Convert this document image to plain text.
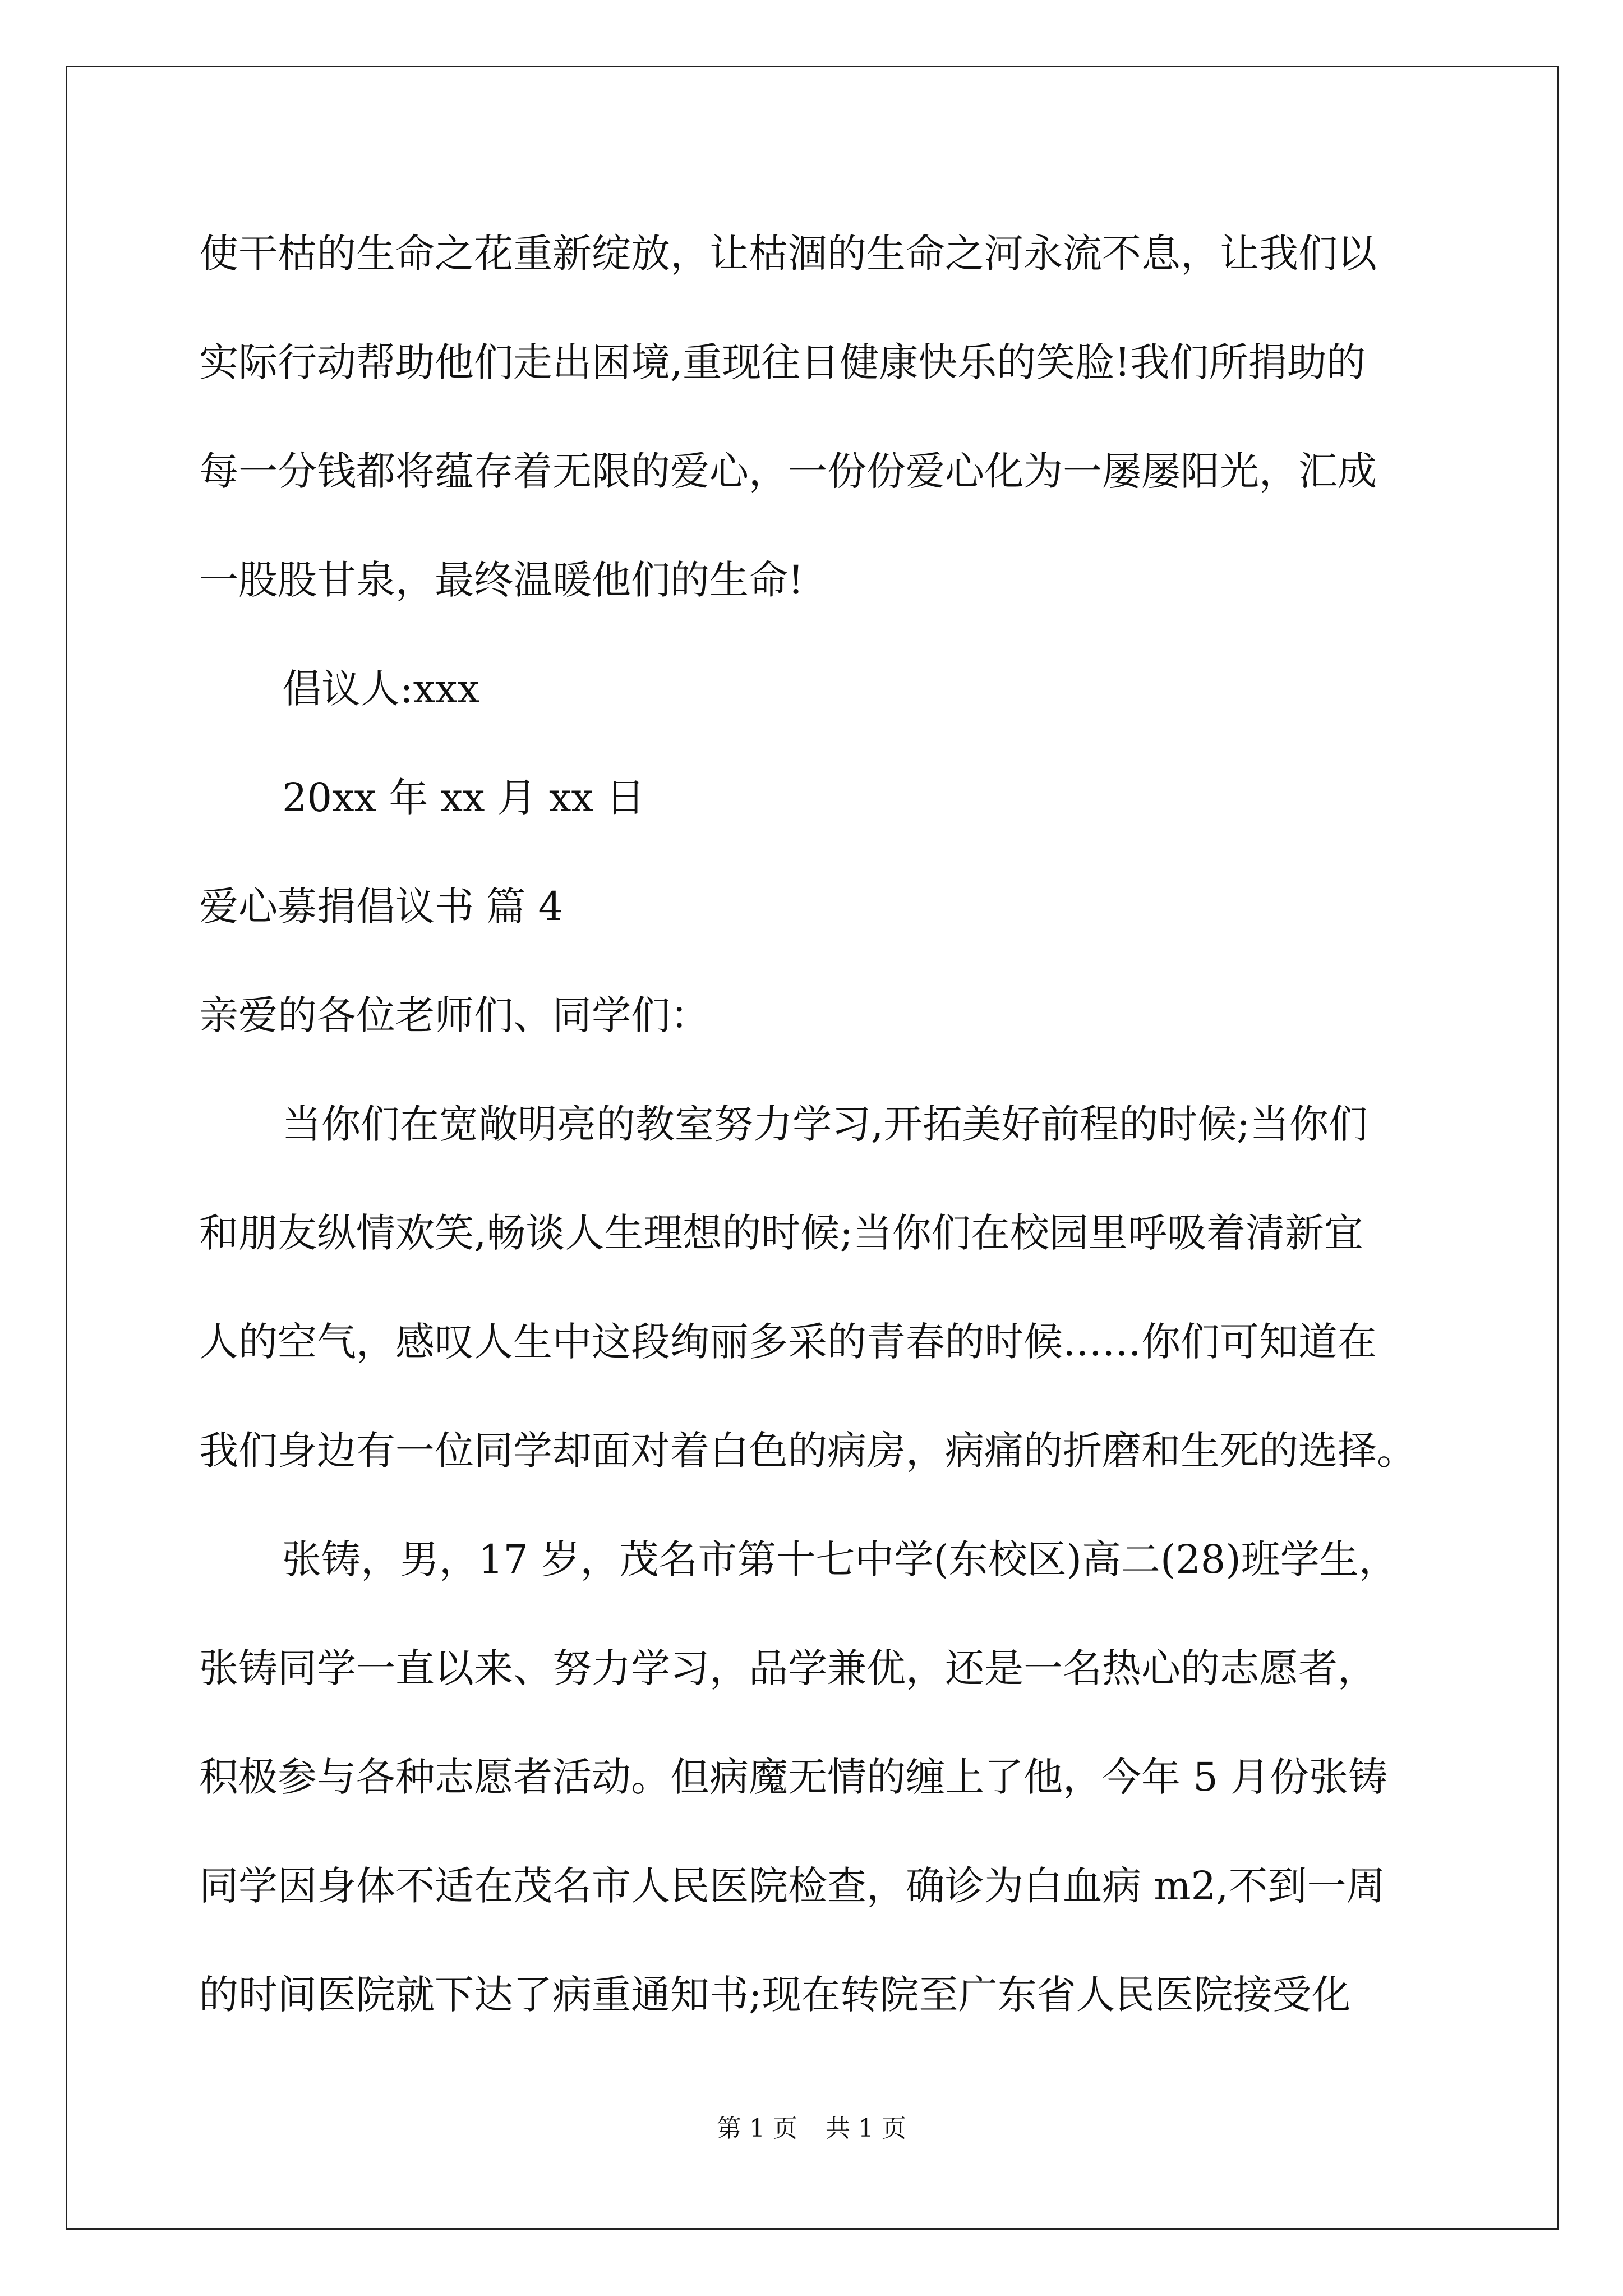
使干枯的生命之花重新绽放，让枯涸的生命之河永流不息，让我们以
实际行动帮助他们走出困境,重现往日健康快乐的笑脸!我们所捐助的
每一分钱都将蕴存着无限的爱心，一份份爱心化为一屡屡阳光，汇成
一股股甘泉，最终温暖他们的生命!
倡议人:xxx
20xx 年 xx 月 xx 日
爱心募捐倡议书 篇 4
亲爱的各位老师们、同学们：
当你们在宽敞明亮的教室努力学习,开拓美好前程的时候;当你们
和朋友纵情欢笑,畅谈人生理想的时候;当你们在校园里呼吸着清新宜
人的空气，感叹人生中这段绚丽多采的青春的时候……你们可知道在
我们身边有一位同学却面对着白色的病房，病痛的折磨和生死的选择。
张铸，男，17 岁，茂名市第十七中学(东校区)高二(28)班学生，
张铸同学一直以来、努力学习，品学兼优，还是一名热心的志愿者，
积极参与各种志愿者活动。但病魔无情的缠上了他，今年 5 月份张铸
同学因身体不适在茂名市人民医院检查，确诊为白血病 m2,不到一周
的时间医院就下达了病重通知书;现在转院至广东省人民医院接受化
第 1 页 共 1 页
